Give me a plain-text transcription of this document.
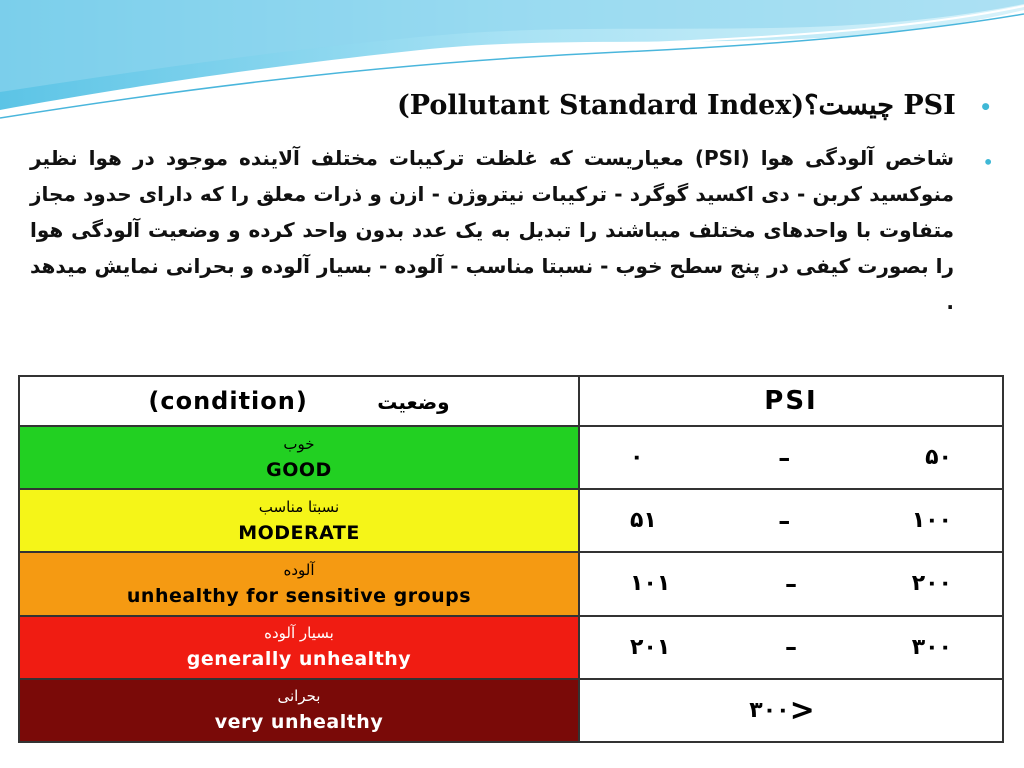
• PSI چیست؟(Pollutant Standard Index)
•
شاخص آلودگی هوا (PSI) معیاریست که غلظت ترکیبات مختلف آلاینده موجود در هوا نظیر منوکسید کربن - دی اکسید گوگرد - ترکیبات نیتروژن - ازن و ذرات معلق را که دارای حدود مجاز متفاوت با واحدهای مختلف میباشند را تبدیل به یک عدد بدون واحد کرده و وضعیت آلودگی هوا را بصورت کیفی در پنج سطح خوب - نسبتا مناسب - آلوده - بسیار آلوده و بحرانی نمایش میدهد .
(condition) وضعیت	PSI

خوب
GOOD	۰ – ۵۰

نسبتا مناسب
MODERATE	۵۱ – ۱۰۰

آلوده
unhealthy for sensitive groups	۱۰۱ – ۲۰۰

بسیار آلوده
generally unhealthy	۲۰۱ – ۳۰۰

بحرانی
very unhealthy	۳۰۰ >
